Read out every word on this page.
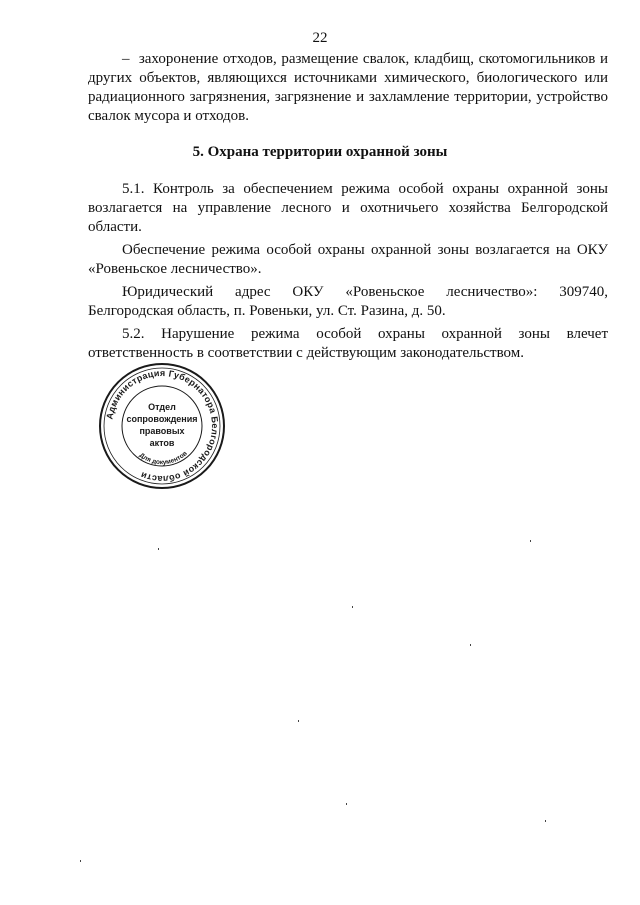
22

– захоронение отходов, размещение свалок, кладбищ, скотомогильников и других объектов, являющихся источниками химического, биологического или радиационного загрязнения, загрязнение и захламление территории, устройство свалок мусора и отходов.

5. Охрана территории охранной зоны

5.1. Контроль за обеспечением режима особой охраны охранной зоны возлагается на управление лесного и охотничьего хозяйства Белгородской области.

Обеспечение режима особой охраны охранной зоны возлагается на ОКУ «Ровеньское лесничество».

Юридический адрес ОКУ «Ровеньское лесничество»: 309740,
Белгородская область, п. Ровеньки, ул. Ст. Разина, д. 50.

5.2. Нарушение режима особой охраны охранной зоны влечет ответственность в соответствии с действующим законодательством.

Администрация Губернатора Белгородской области
Для документов
Отдел
сопровождения
правовых
актов
